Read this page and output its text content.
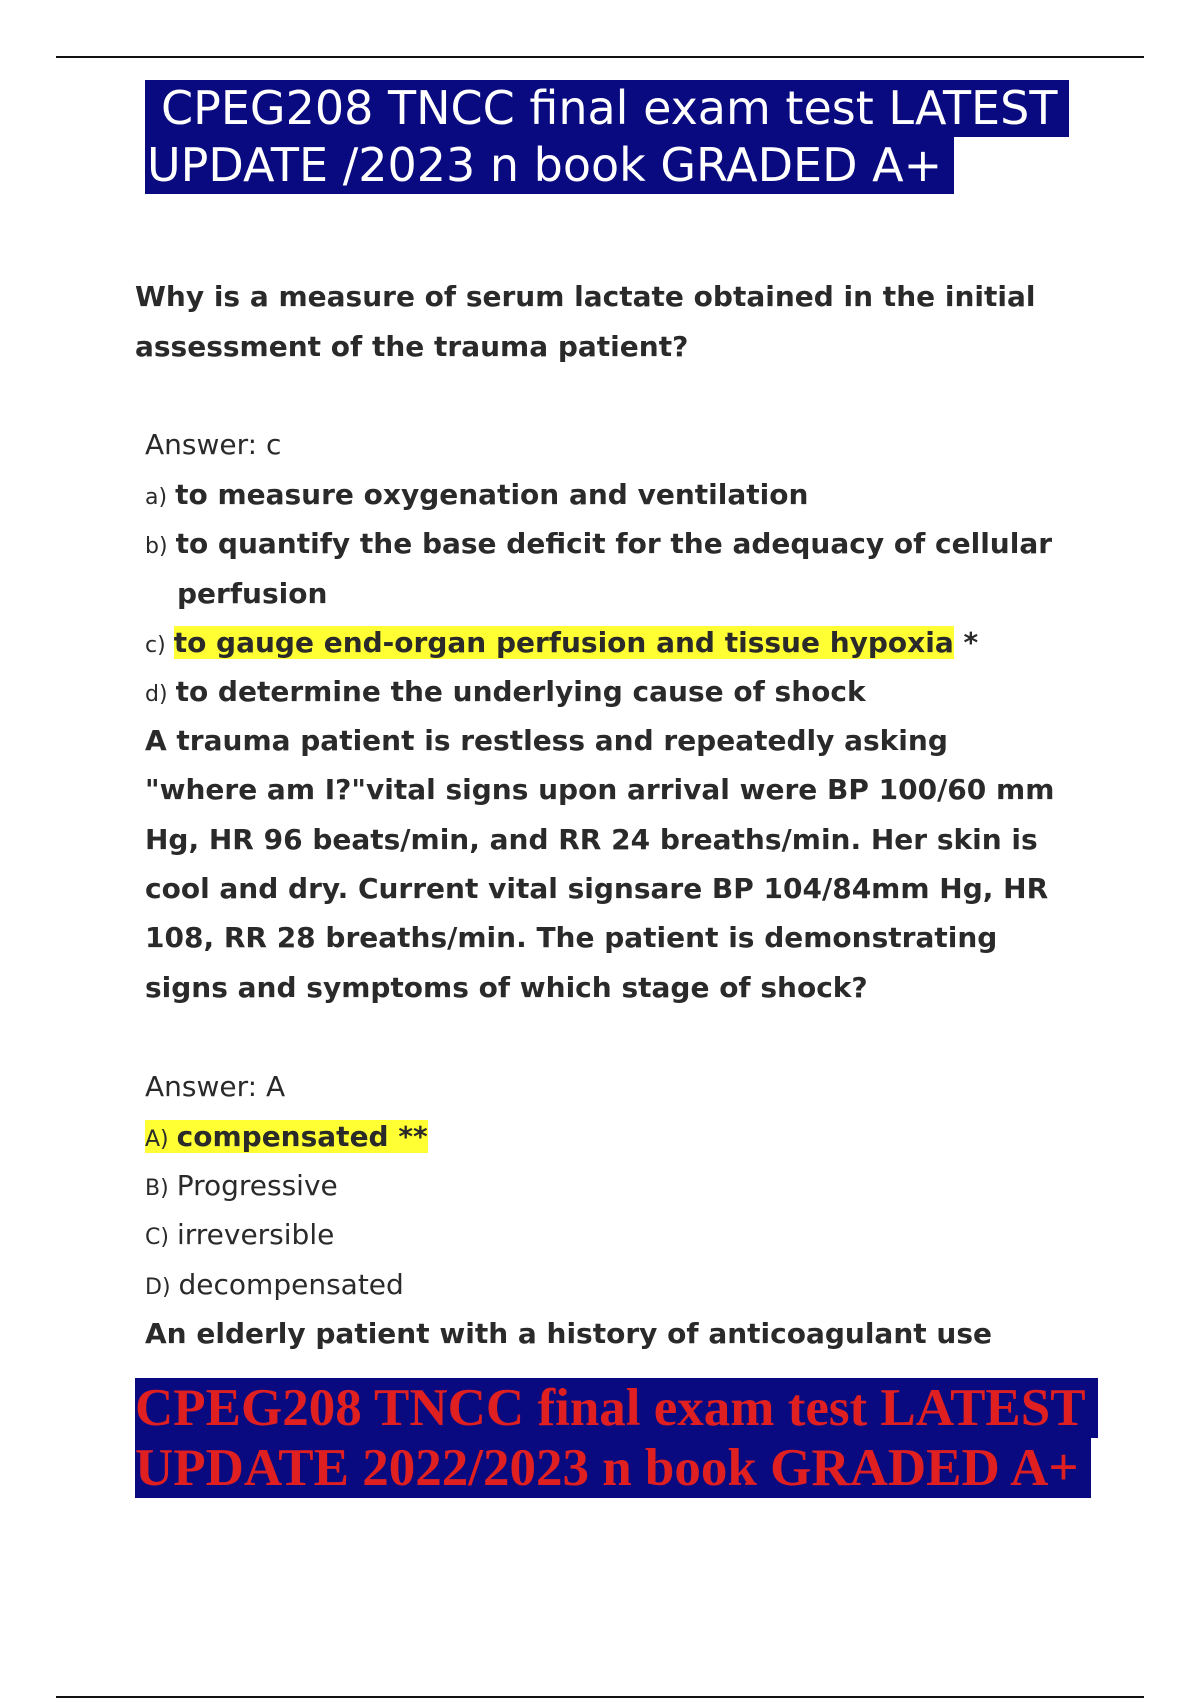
CPEG208 TNCC final exam test LATEST
UPDATE /2023 n book GRADED A+
Why is a measure of serum lactate obtained in the initial
assessment of the trauma patient?
Answer: c
a) to measure oxygenation and ventilation
b) to quantify the base deficit for the adequacy of cellular
perfusion
c) to gauge end-organ perfusion and tissue hypoxia *
d) to determine the underlying cause of shock
A trauma patient is restless and repeatedly asking
"where am I?"vital signs upon arrival were BP 100/60 mm
Hg, HR 96 beats/min, and RR 24 breaths/min. Her skin is
cool and dry. Current vital signsare BP 104/84mm Hg, HR
108, RR 28 breaths/min. The patient is demonstrating
signs and symptoms of which stage of shock?
Answer: A
A) compensated **
B) Progressive
C) irreversible
D) decompensated
An elderly patient with a history of anticoagulant use
CPEG208 TNCC final exam test LATEST
UPDATE 2022/2023 n book GRADED A+
